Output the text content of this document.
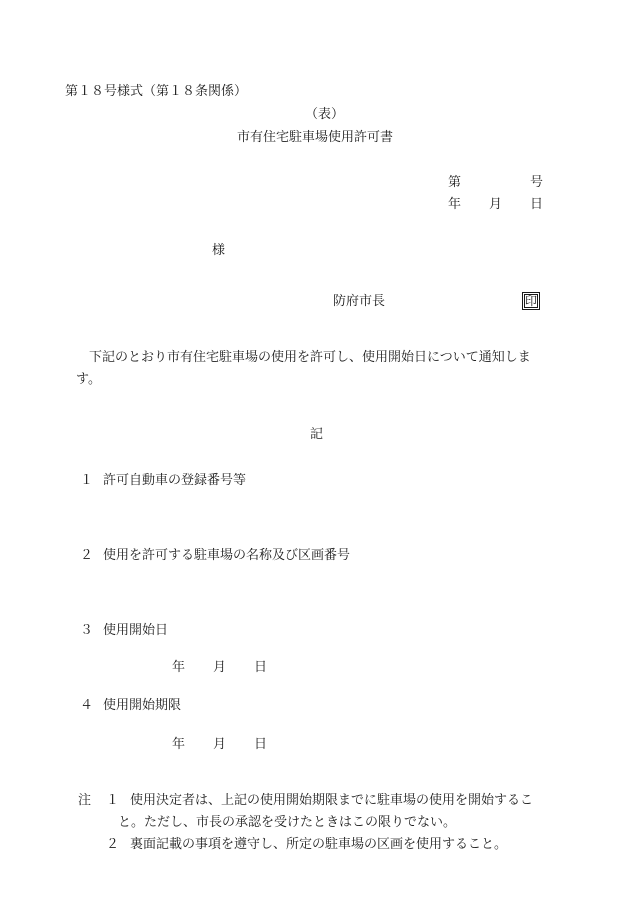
第１８号様式（第１８条関係）
（表）
市有住宅駐車場使用許可書
第	号
年 月 日
様
防府市長	印
下記のとおり市有住宅駐車場の使用を許可し、使用開始日について通知しま
す。
記
１ 許可自動車の登録番号等
２ 使用を許可する駐車場の名称及び区画番号
３ 使用開始日
年 月 日
４ 使用開始期限
年 月 日
注 １ 使用決定者は、上記の使用開始期限までに駐車場の使用を開始するこ
と。ただし、市長の承認を受けたときはこの限りでない。
２ 裏面記載の事項を遵守し、所定の駐車場の区画を使用すること。
